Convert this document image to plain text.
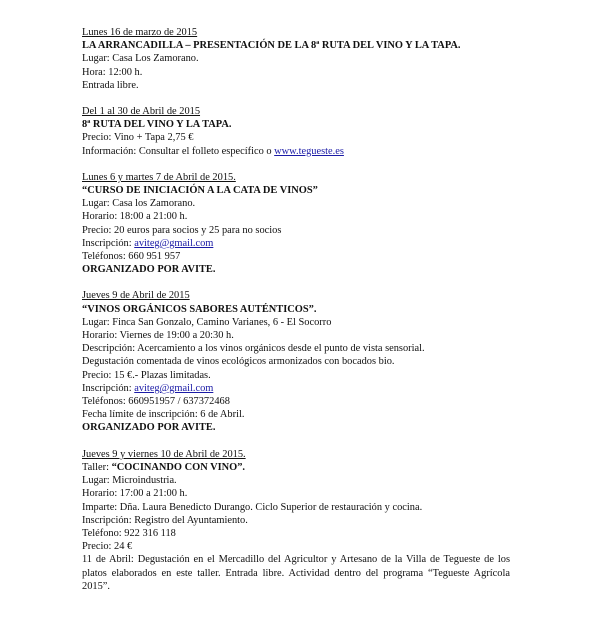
Lunes 16 de marzo de 2015
LA ARRANCADILLA – PRESENTACIÓN DE LA 8ª RUTA DEL VINO Y LA TAPA.
Lugar: Casa Los Zamorano.
Hora: 12:00 h.
Entrada libre.
Del 1 al 30 de Abril de 2015
8ª RUTA DEL VINO Y LA TAPA.
Precio: Vino + Tapa 2,75 €
Información: Consultar el folleto específico o www.tegueste.es
Lunes 6 y martes 7 de Abril de 2015.
“CURSO DE INICIACIÓN A LA CATA DE VINOS”
Lugar: Casa los Zamorano.
Horario: 18:00 a 21:00 h.
Precio: 20 euros para socios y 25 para no socios
Inscripción: aviteg@gmail.com
Teléfonos: 660 951 957
ORGANIZADO POR AVITE.
Jueves 9 de Abril de 2015
“VINOS ORGÁNICOS SABORES AUTÉNTICOS”.
Lugar: Finca San Gonzalo, Camino Varianes, 6 - El Socorro
Horario: Viernes de 19:00 a 20:30 h.
Descripción: Acercamiento a los vinos orgánicos desde el punto de vista sensorial.
Degustación comentada de vinos ecológicos armonizados con bocados bio.
Precio: 15 €.- Plazas limitadas.
Inscripción: aviteg@gmail.com
Teléfonos: 660951957 / 637372468
Fecha límite de inscripción: 6 de Abril.
ORGANIZADO POR AVITE.
Jueves 9 y viernes 10 de Abril de 2015.
Taller: “COCINANDO CON VINO”.
Lugar: Microindustria.
Horario: 17:00 a 21:00 h.
Imparte: Dña. Laura Benedicto Durango. Ciclo Superior de restauración y cocina.
Inscripción: Registro del Ayuntamiento.
Teléfono: 922 316 118
Precio: 24 €
11 de Abril: Degustación en el Mercadillo del Agricultor y Artesano de la Villa de Tegueste de los platos elaborados en este taller. Entrada libre. Actividad dentro del programa “Tegueste Agrícola 2015”.
